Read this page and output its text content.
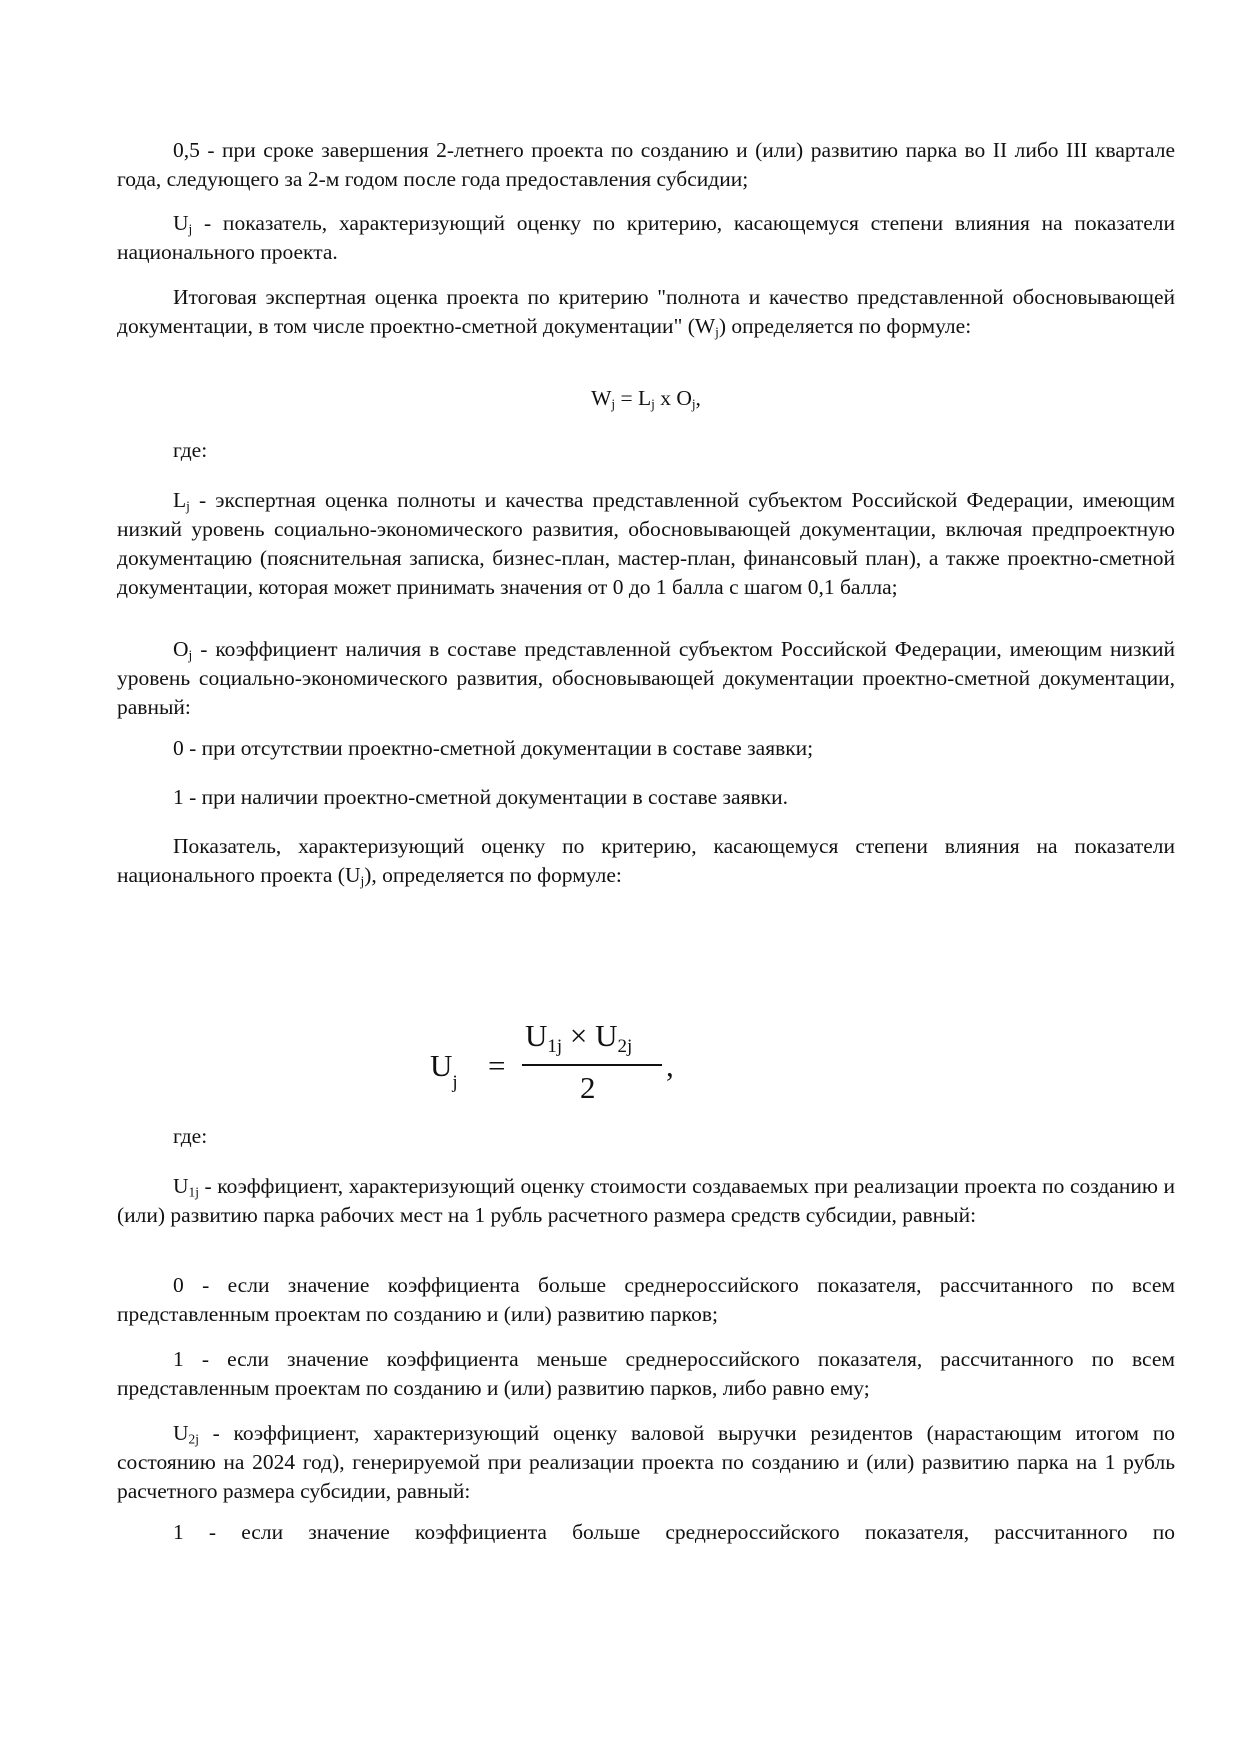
0,5 - при сроке завершения 2-летнего проекта по созданию и (или) развитию парка во II либо III квартале года, следующего за 2-м годом после года предоставления субсидии;

$U_j$ - показатель, характеризующий оценку по критерию, касающемуся степени влияния на показатели национального проекта.

Итоговая экспертная оценка проекта по критерию "полнота и качество представленной обосновывающей документации, в том числе проектно-сметной документации" $(W_j)$ определяется по формуле:

$W_j = L_j$ x $O_j$,

где:

$L_j$ - экспертная оценка полноты и качества представленной субъектом Российской Федерации, имеющим низкий уровень социально-экономического развития, обосновывающей документации, включая предпроектную документацию (пояснительная записка, бизнес-план, мастер-план, финансовый план), а также проектно-сметной документации, которая может принимать значения от 0 до 1 балла с шагом 0,1 балла;

$O_j$ - коэффициент наличия в составе представленной субъектом Российской Федерации, имеющим низкий уровень социально-экономического развития, обосновывающей документации проектно-сметной документации, равный:

0 - при отсутствии проектно-сметной документации в составе заявки;

1 - при наличии проектно-сметной документации в составе заявки.

Показатель, характеризующий оценку по критерию, касающемуся степени влияния на показатели национального проекта $(U_j)$, определяется по формуле:

где:

$U_{1j}$ - коэффициент, характеризующий оценку стоимости создаваемых при реализации проекта по созданию и (или) развитию парка рабочих мест на 1 рубль расчетного размера средств субсидии, равный:

0 - если значение коэффициента больше среднероссийского показателя, рассчитанного по всем представленным проектам по созданию и (или) развитию парков;

1 - если значение коэффициента меньше среднероссийского показателя, рассчитанного по всем представленным проектам по созданию и (или) развитию парков, либо равно ему;

$U_{2j}$ - коэффициент, характеризующий оценку валовой выручки резидентов (нарастающим итогом по состоянию на 2024 год), генерируемой при реализации проекта по созданию и (или) развитию парка на 1 рубль расчетного размера субсидии, равный:

1 - если значение коэффициента больше среднероссийского показателя, рассчитанного по

$U_j$ =
U1j × U2j
2
,
